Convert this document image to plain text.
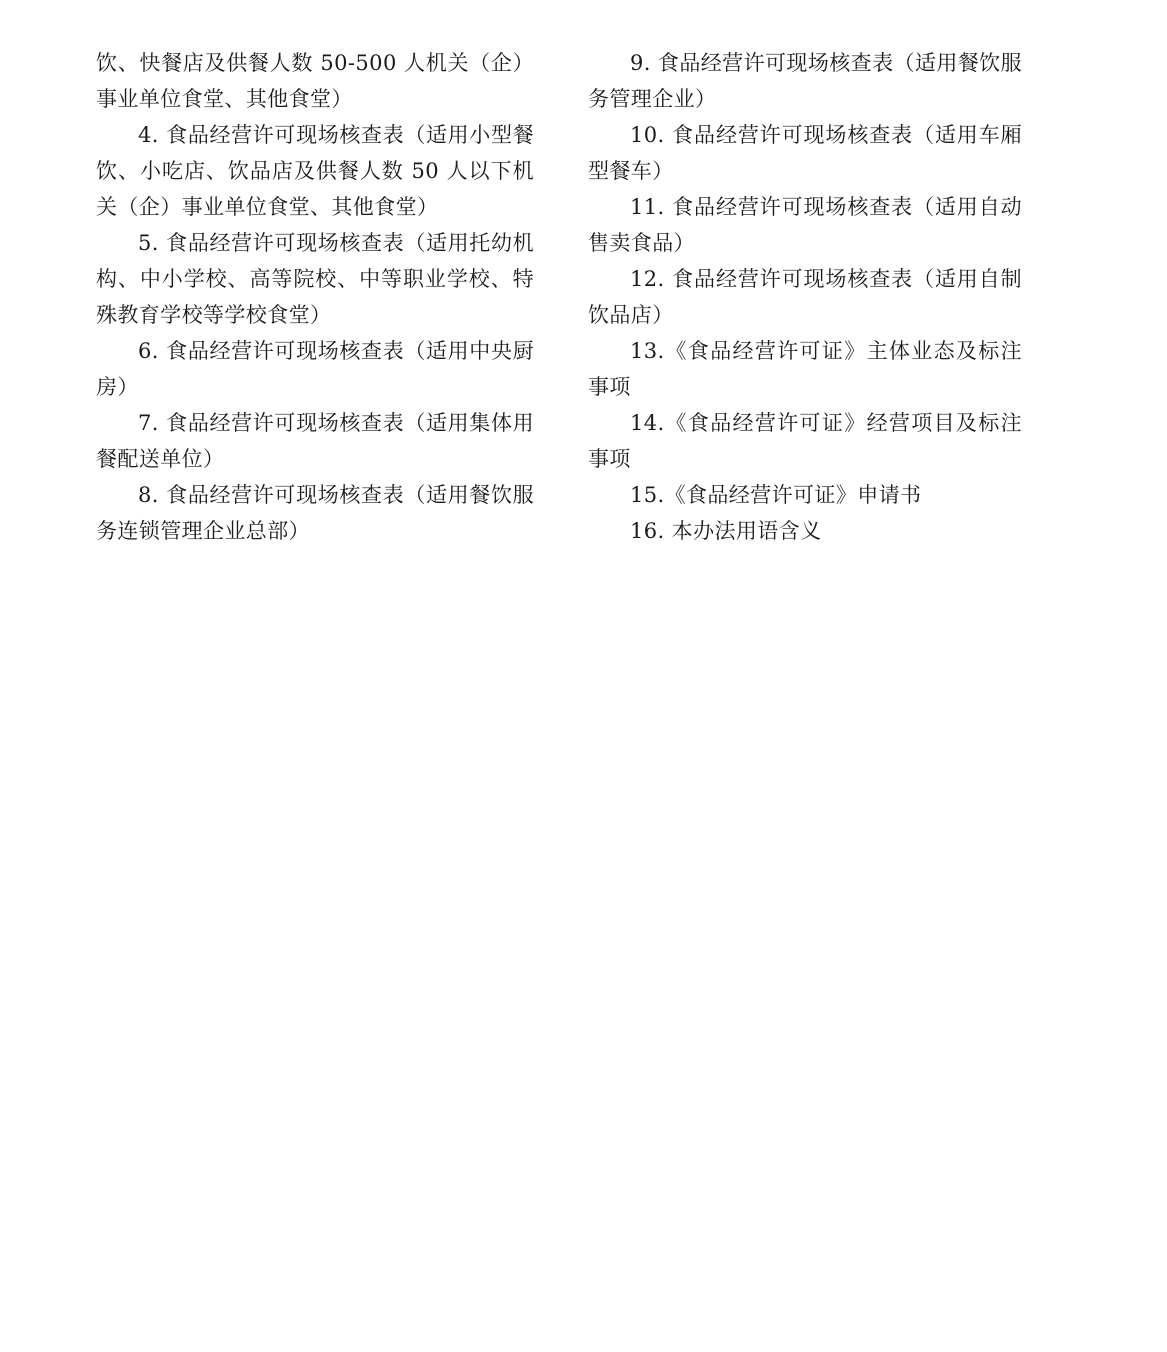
饮、快餐店及供餐人数 50-500 人机关（企）事业单位食堂、其他食堂）

4. 食品经营许可现场核查表（适用小型餐饮、小吃店、饮品店及供餐人数 50 人以下机关（企）事业单位食堂、其他食堂）

5. 食品经营许可现场核查表（适用托幼机构、中小学校、高等院校、中等职业学校、特殊教育学校等学校食堂）

6. 食品经营许可现场核查表（适用中央厨房）

7. 食品经营许可现场核查表（适用集体用餐配送单位）

8. 食品经营许可现场核查表（适用餐饮服务连锁管理企业总部）

9. 食品经营许可现场核查表（适用餐饮服务管理企业）

10. 食品经营许可现场核查表（适用车厢型餐车）

11. 食品经营许可现场核查表（适用自动售卖食品）

12. 食品经营许可现场核查表（适用自制饮品店）

13.《食品经营许可证》主体业态及标注事项

14.《食品经营许可证》经营项目及标注事项

15.《食品经营许可证》申请书

16. 本办法用语含义
